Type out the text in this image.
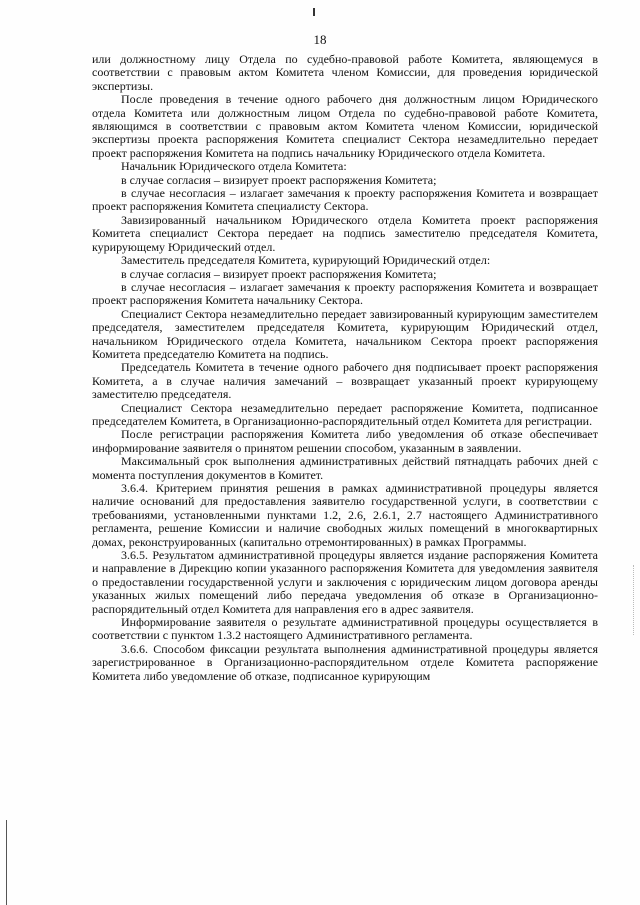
18

или должностному лицу Отдела по судебно-правовой работе Комитета, являющемуся в соответствии с правовым актом Комитета членом Комиссии, для проведения юридической экспертизы.

После проведения в течение одного рабочего дня должностным лицом Юридического отдела Комитета или должностным лицом Отдела по судебно-правовой работе Комитета, являющимся в соответствии с правовым актом Комитета членом Комиссии, юридической экспертизы проекта распоряжения Комитета специалист Сектора незамедлительно передает проект распоряжения Комитета на подпись начальнику Юридического отдела Комитета.

Начальник Юридического отдела Комитета:

в случае согласия – визирует проект распоряжения Комитета;

в случае несогласия – излагает замечания к проекту распоряжения Комитета и возвращает проект распоряжения Комитета специалисту Сектора.

Завизированный начальником Юридического отдела Комитета проект распоряжения Комитета специалист Сектора передает на подпись заместителю председателя Комитета, курирующему Юридический отдел.

Заместитель председателя Комитета, курирующий Юридический отдел:

в случае согласия – визирует проект распоряжения Комитета;

в случае несогласия – излагает замечания к проекту распоряжения Комитета и возвращает проект распоряжения Комитета начальнику Сектора.

Специалист Сектора незамедлительно передает завизированный курирующим заместителем председателя, заместителем председателя Комитета, курирующим Юридический отдел, начальником Юридического отдела Комитета, начальником Сектора проект распоряжения Комитета председателю Комитета на подпись.

Председатель Комитета в течение одного рабочего дня подписывает проект распоряжения Комитета, а в случае наличия замечаний – возвращает указанный проект курирующему заместителю председателя.

Специалист Сектора незамедлительно передает распоряжение Комитета, подписанное председателем Комитета, в Организационно-распорядительный отдел Комитета для регистрации.

После регистрации распоряжения Комитета либо уведомления об отказе обеспечивает информирование заявителя о принятом решении способом, указанным в заявлении.

Максимальный срок выполнения административных действий пятнадцать рабочих дней с момента поступления документов в Комитет.

3.6.4. Критерием принятия решения в рамках административной процедуры является наличие оснований для предоставления заявителю государственной услуги, в соответствии с требованиями, установленными пунктами 1.2, 2.6, 2.6.1, 2.7 настоящего Административного регламента, решение Комиссии и наличие свободных жилых помещений в многоквартирных домах, реконструированных (капитально отремонтированных) в рамках Программы.

3.6.5. Результатом административной процедуры является издание распоряжения Комитета и направление в Дирекцию копии указанного распоряжения Комитета для уведомления заявителя о предоставлении государственной услуги и заключения с юридическим лицом договора аренды указанных жилых помещений либо передача уведомления об отказе в Организационно-распорядительный отдел Комитета для направления его в адрес заявителя.

Информирование заявителя о результате административной процедуры осуществляется в соответствии с пунктом 1.3.2 настоящего Административного регламента.

3.6.6. Способом фиксации результата выполнения административной процедуры является зарегистрированное в Организационно-распорядительном отделе Комитета распоряжение Комитета либо уведомление об отказе, подписанное курирующим
